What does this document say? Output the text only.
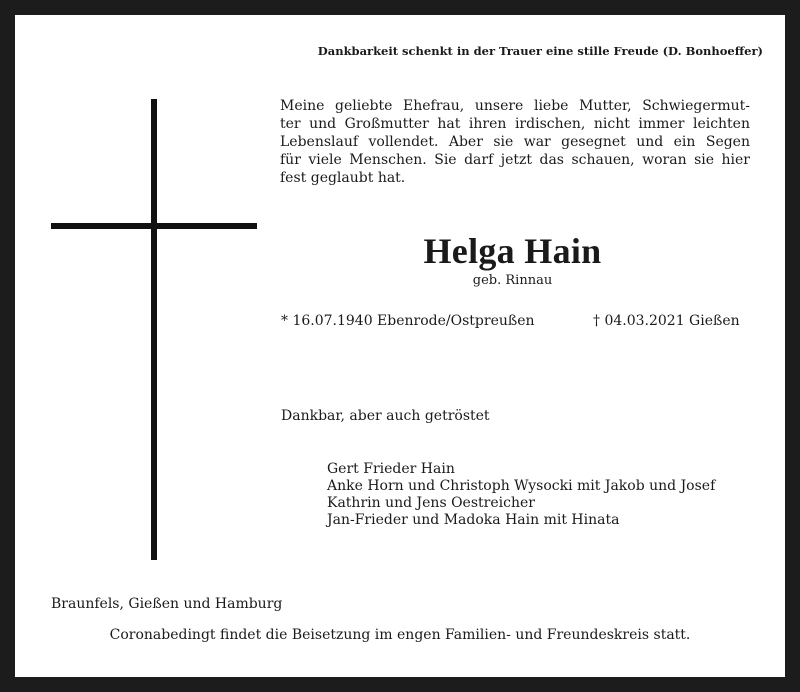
Dankbarkeit schenkt in der Trauer eine stille Freude (D. Bonhoeffer)
Meine geliebte Ehefrau, unsere liebe Mutter, Schwiegermut-
ter und Großmutter hat ihren irdischen, nicht immer leichten
Lebenslauf vollendet. Aber sie war gesegnet und ein Segen
für viele Menschen. Sie darf jetzt das schauen, woran sie hier
fest geglaubt hat.
Helga Hain
geb. Rinnau
* 16.07.1940 Ebenrode/Ostpreußen	† 04.03.2021 Gießen
Dankbar, aber auch getröstet
Gert Frieder Hain
Anke Horn und Christoph Wysocki mit Jakob und Josef
Kathrin und Jens Oestreicher
Jan-Frieder und Madoka Hain mit Hinata
Braunfels, Gießen und Hamburg
Coronabedingt findet die Beisetzung im engen Familien- und Freundeskreis statt.
